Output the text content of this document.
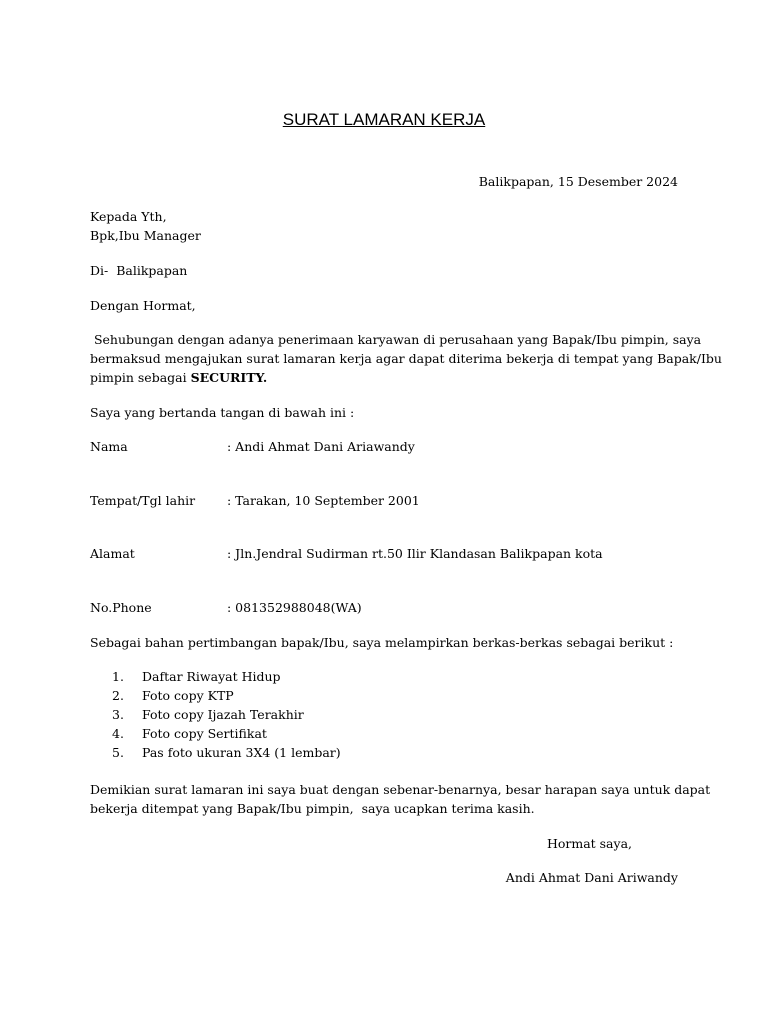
SURAT LAMARAN KERJA
Balikpapan, 15 Desember 2024
Kepada Yth,
Bpk,Ibu Manager
Di-  Balikpapan
Dengan Hormat,
Sehubungan dengan adanya penerimaan karyawan di perusahaan yang Bapak/Ibu pimpin, saya
bermaksud mengajukan surat lamaran kerja agar dapat diterima bekerja di tempat yang Bapak/Ibu
pimpin sebagai SECURITY.
Saya yang bertanda tangan di bawah ini :
Nama	: Andi Ahmat Dani Ariawandy
Tempat/Tgl lahir	: Tarakan, 10 September 2001
Alamat	: Jln.Jendral Sudirman rt.50 Ilir Klandasan Balikpapan kota
No.Phone	: 081352988048(WA)
Sebagai bahan pertimbangan bapak/Ibu, saya melampirkan berkas-berkas sebagai berikut :
1. Daftar Riwayat Hidup
2. Foto copy KTP
3. Foto copy Ijazah Terakhir
4. Foto copy Sertifikat
5. Pas foto ukuran 3X4 (1 lembar)
Demikian surat lamaran ini saya buat dengan sebenar-benarnya, besar harapan saya untuk dapat
bekerja ditempat yang Bapak/Ibu pimpin,  saya ucapkan terima kasih.
Hormat saya,
Andi Ahmat Dani Ariwandy
